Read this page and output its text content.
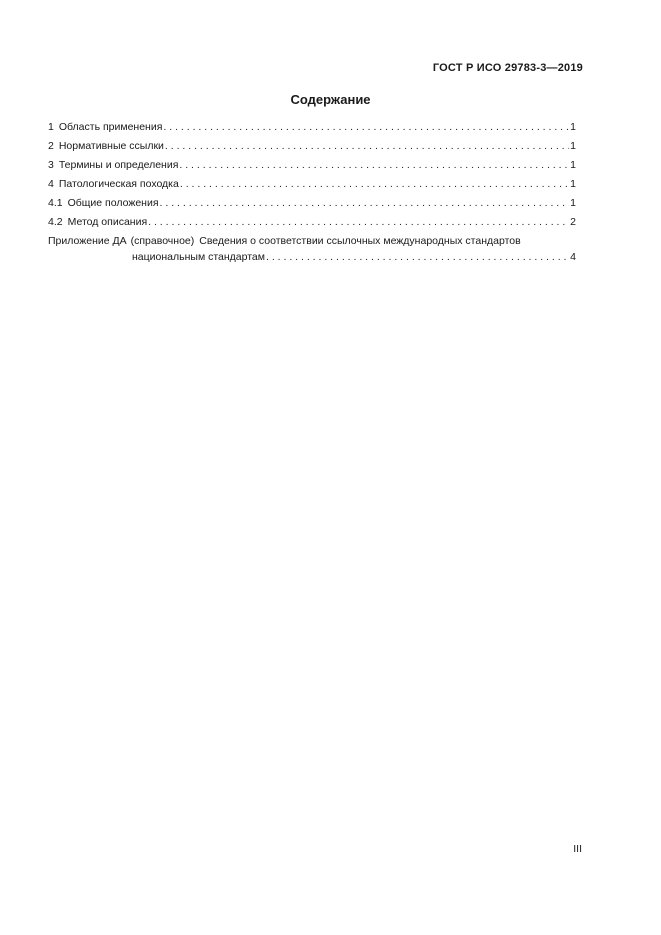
ГОСТ Р ИСО 29783-3—2019
Содержание
1 Область применения . . .	1
2 Нормативные ссылки . . .	1
3 Термины и определения . . .	1
4 Патологическая походка . . .	1
4.1 Общие положения . . .	1
4.2 Метод описания . . .	2
Приложение ДА (справочное) Сведения о соответствии ссылочных международных стандартов
национальным стандартам . . .	4
III
